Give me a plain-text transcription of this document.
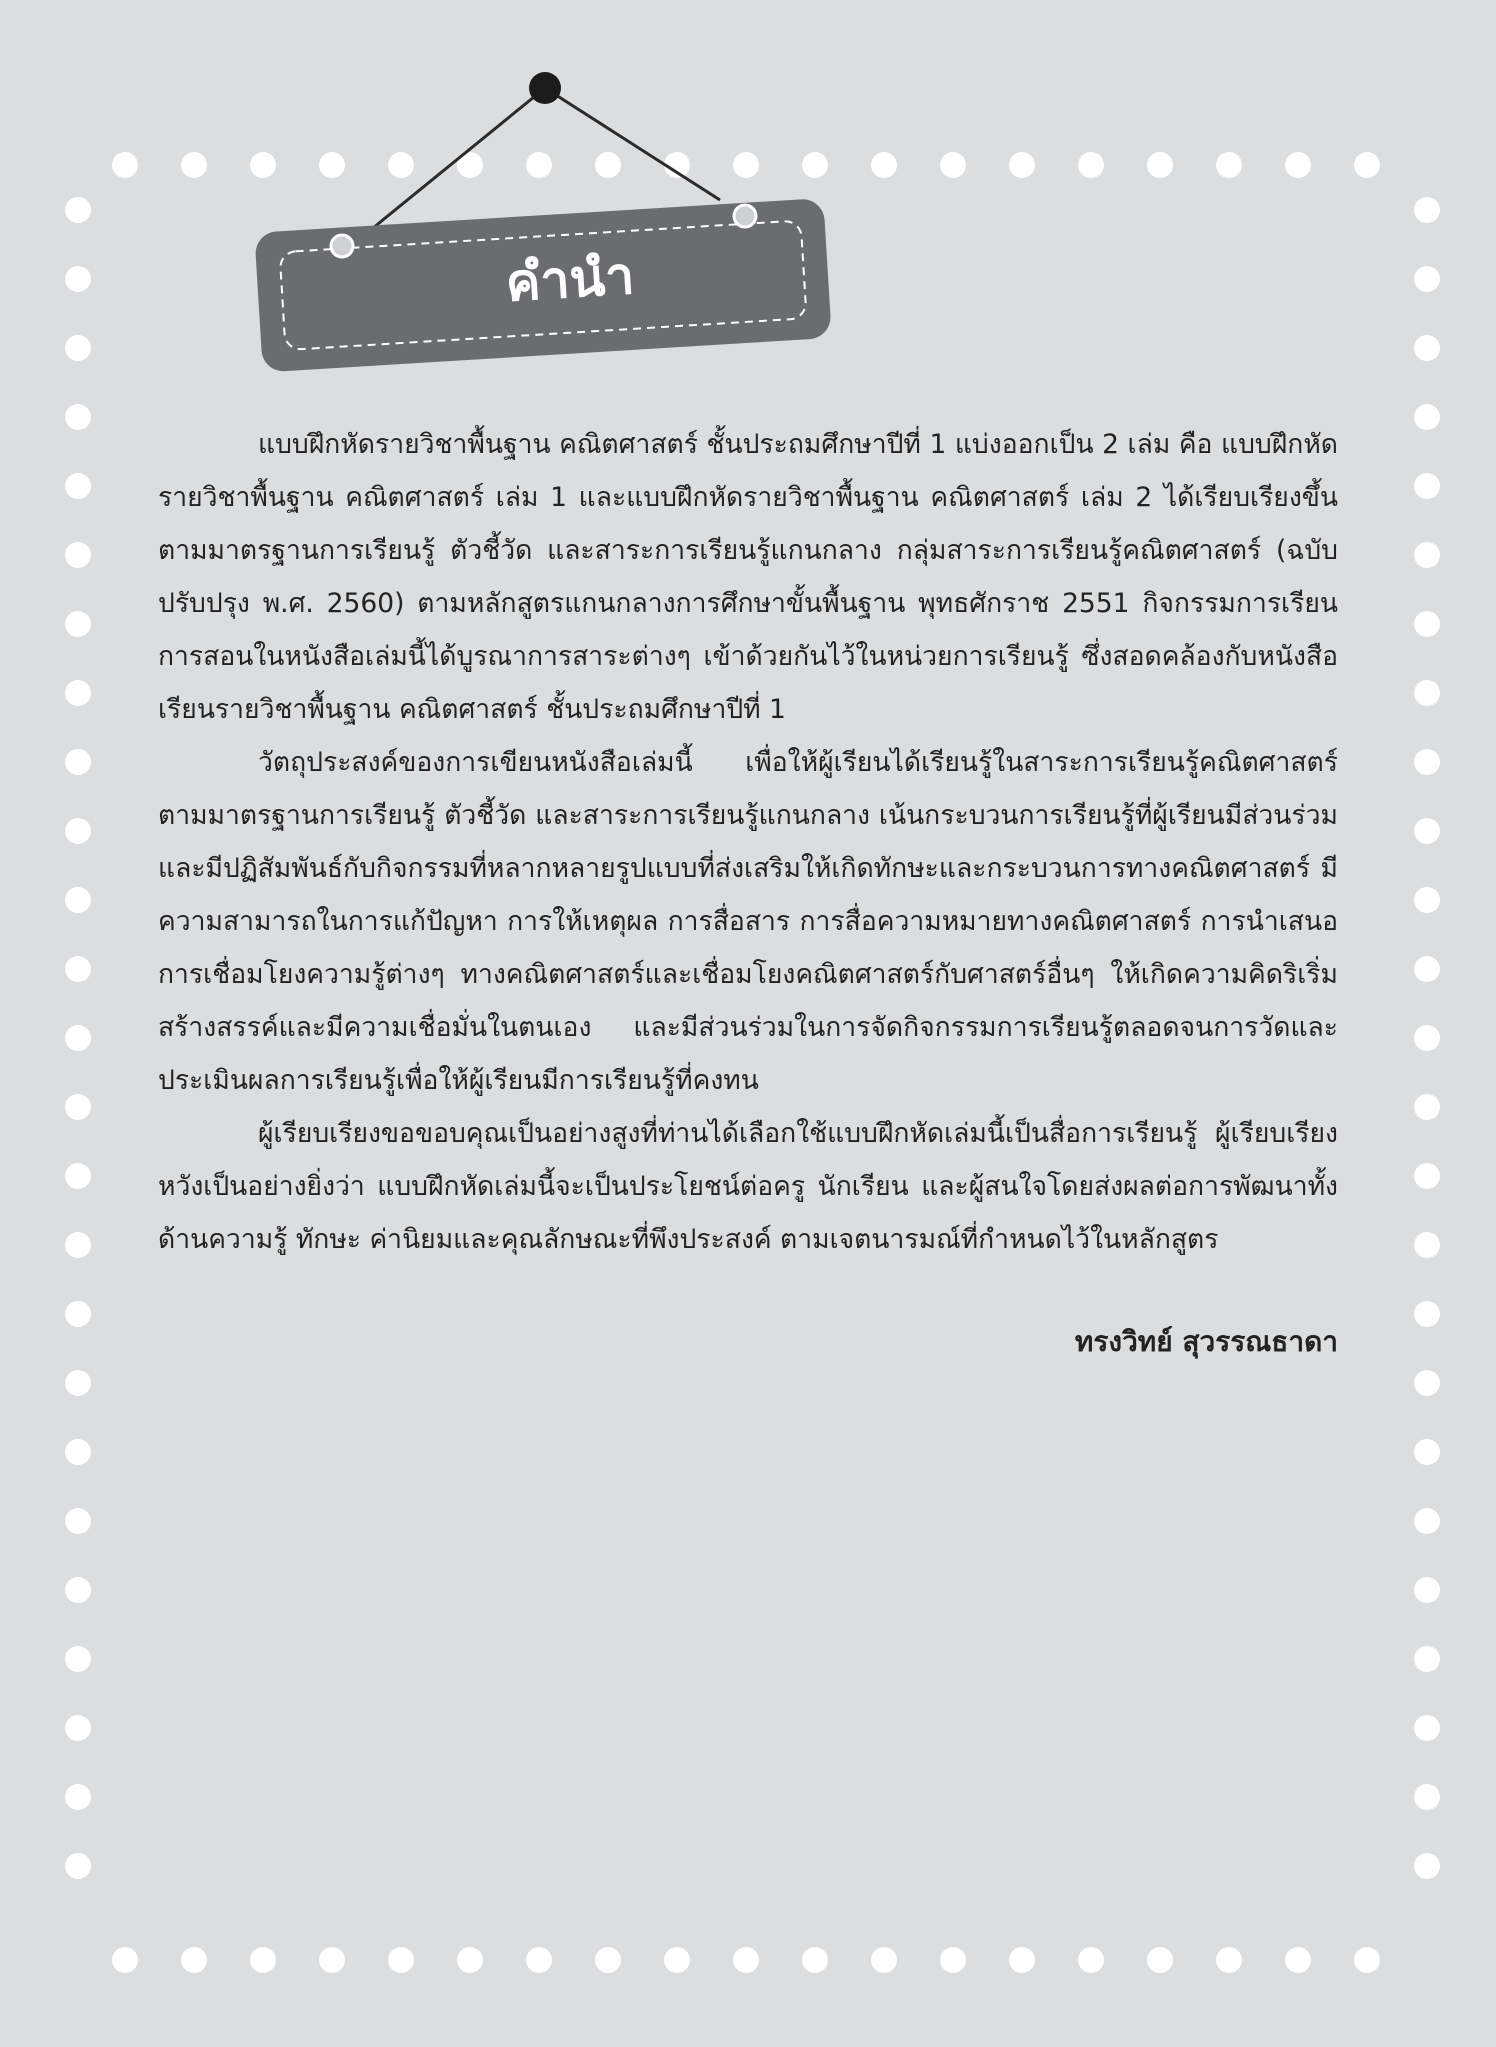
คำนำ

แบบฝึกหัดรายวิชาพื้นฐาน คณิตศาสตร์ ชั้นประถมศึกษาปีที่ 1 แบ่งออกเป็น 2 เล่ม คือ แบบฝึกหัดรายวิชาพื้นฐาน คณิตศาสตร์ เล่ม 1 และแบบฝึกหัดรายวิชาพื้นฐาน คณิตศาสตร์ เล่ม 2 ได้เรียบเรียงขึ้นตามมาตรฐานการเรียนรู้ ตัวชี้วัด และสาระการเรียนรู้แกนกลาง กลุ่มสาระการเรียนรู้คณิตศาสตร์ (ฉบับปรับปรุง พ.ศ. 2560) ตามหลักสูตรแกนกลางการศึกษาขั้นพื้นฐาน พุทธศักราช 2551 กิจกรรมการเรียนการสอนในหนังสือเล่มนี้ได้บูรณาการสาระต่างๆ เข้าด้วยกันไว้ในหน่วยการเรียนรู้ ซึ่งสอดคล้องกับหนังสือเรียนรายวิชาพื้นฐาน คณิตศาสตร์ ชั้นประถมศึกษาปีที่ 1

วัตถุประสงค์ของการเขียนหนังสือเล่มนี้ เพื่อให้ผู้เรียนได้เรียนรู้ในสาระการเรียนรู้คณิตศาสตร์ตามมาตรฐานการเรียนรู้ ตัวชี้วัด และสาระการเรียนรู้แกนกลาง เน้นกระบวนการเรียนรู้ที่ผู้เรียนมีส่วนร่วมและมีปฏิสัมพันธ์กับกิจกรรมที่หลากหลายรูปแบบที่ส่งเสริมให้เกิดทักษะและกระบวนการทางคณิตศาสตร์ มีความสามารถในการแก้ปัญหา การให้เหตุผล การสื่อสาร การสื่อความหมายทางคณิตศาสตร์ การนำเสนอ การเชื่อมโยงความรู้ต่างๆ ทางคณิตศาสตร์และเชื่อมโยงคณิตศาสตร์กับศาสตร์อื่นๆ ให้เกิดความคิดริเริ่มสร้างสรรค์และมีความเชื่อมั่นในตนเอง และมีส่วนร่วมในการจัดกิจกรรมการเรียนรู้ตลอดจนการวัดและประเมินผลการเรียนรู้เพื่อให้ผู้เรียนมีการเรียนรู้ที่คงทน

ผู้เรียบเรียงขอขอบคุณเป็นอย่างสูงที่ท่านได้เลือกใช้แบบฝึกหัดเล่มนี้เป็นสื่อการเรียนรู้ ผู้เรียบเรียงหวังเป็นอย่างยิ่งว่า แบบฝึกหัดเล่มนี้จะเป็นประโยชน์ต่อครู นักเรียน และผู้สนใจโดยส่งผลต่อการพัฒนาทั้งด้านความรู้ ทักษะ ค่านิยมและคุณลักษณะที่พึงประสงค์ ตามเจตนารมณ์ที่กำหนดไว้ในหลักสูตร

ทรงวิทย์ สุวรรณธาดา
